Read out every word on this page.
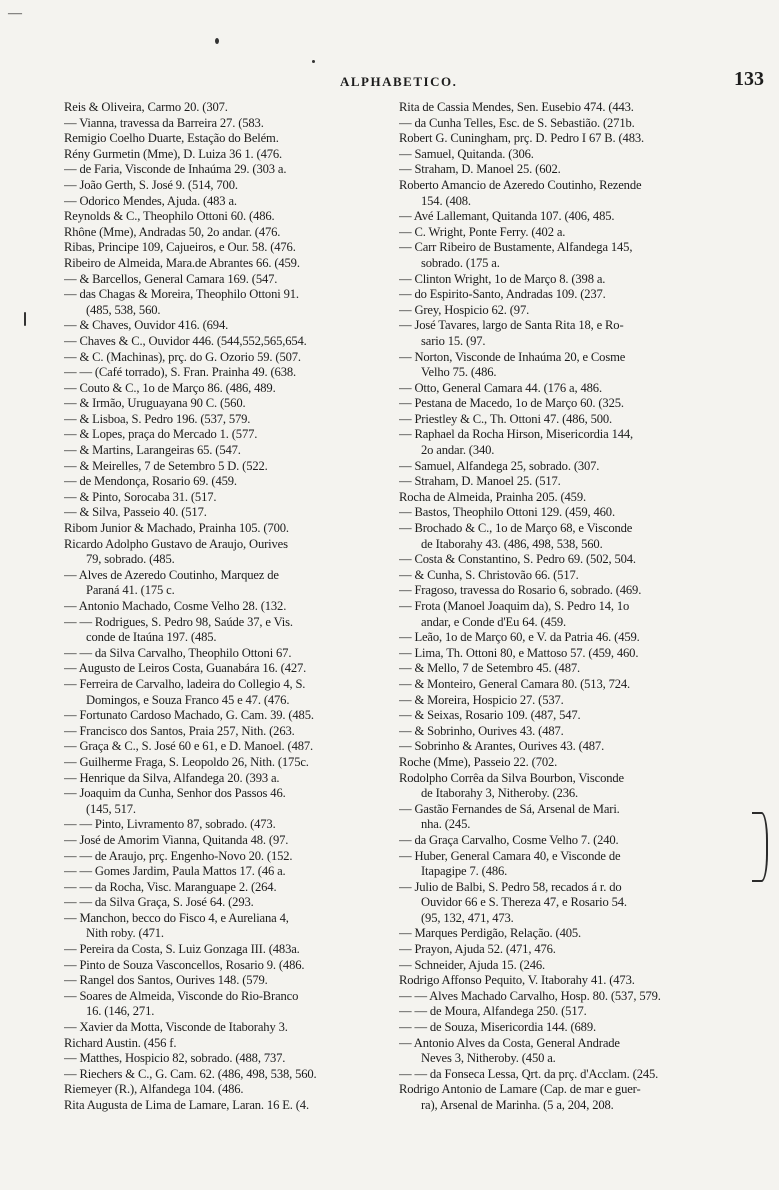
—
ALPHABETICO.	133
Reis & Oliveira, Carmo 20. (307.
— Vianna, travessa da Barreira 27. (583.
Remigio Coelho Duarte, Estação do Belém.
Rény Gurmetin (Mme), D. Luiza 36 1. (476.
— de Faria, Visconde de Inhaúma 29. (303 a.
— João Gerth, S. José 9. (514, 700.
— Odorico Mendes, Ajuda. (483 a.
Reynolds & C., Theophilo Ottoni 60. (486.
Rhône (Mme), Andradas 50, 2o andar. (476.
Ribas, Principe 109, Cajueiros, e Our. 58. (476.
Ribeiro de Almeida, Mara.de Abrantes 66. (459.
— & Barcellos, General Camara 169. (547.
— das Chagas & Moreira, Theophilo Ottoni 91.
(485, 538, 560.
— & Chaves, Ouvidor 416. (694.
— Chaves & C., Ouvidor 446. (544,552,565,654.
— & C. (Machinas), prç. do G. Ozorio 59. (507.
— — (Café torrado), S. Fran. Prainha 49. (638.
— Couto & C., 1o de Março 86. (486, 489.
— & Irmão, Uruguayana 90 C. (560.
— & Lisboa, S. Pedro 196. (537, 579.
— & Lopes, praça do Mercado 1. (577.
— & Martins, Larangeiras 65. (547.
— & Meirelles, 7 de Setembro 5 D. (522.
— de Mendonça, Rosario 69. (459.
— & Pinto, Sorocaba 31. (517.
— & Silva, Passeio 40. (517.
Ribom Junior & Machado, Prainha 105. (700.
Ricardo Adolpho Gustavo de Araujo, Ourives
79, sobrado. (485.
— Alves de Azeredo Coutinho, Marquez de
Paraná 41. (175 c.
— Antonio Machado, Cosme Velho 28. (132.
— — Rodrigues, S. Pedro 98, Saúde 37, e Vis.
conde de Itaúna 197. (485.
— — da Silva Carvalho, Theophilo Ottoni 67.
— Augusto de Leiros Costa, Guanabára 16. (427.
— Ferreira de Carvalho, ladeira do Collegio 4, S.
Domingos, e Souza Franco 45 e 47. (476.
— Fortunato Cardoso Machado, G. Cam. 39. (485.
— Francisco dos Santos, Praia 257, Nith. (263.
— Graça & C., S. José 60 e 61, e D. Manoel. (487.
— Guilherme Fraga, S. Leopoldo 26, Nith. (175c.
— Henrique da Silva, Alfandega 20. (393 a.
— Joaquim da Cunha, Senhor dos Passos 46.
(145, 517.
— — Pinto, Livramento 87, sobrado. (473.
— José de Amorim Vianna, Quitanda 48. (97.
— — de Araujo, prç. Engenho-Novo 20. (152.
— — Gomes Jardim, Paula Mattos 17. (46 a.
— — da Rocha, Visc. Maranguape 2. (264.
— — da Silva Graça, S. José 64. (293.
— Manchon, becco do Fisco 4, e Aureliana 4,
Nith roby. (471.
— Pereira da Costa, S. Luiz Gonzaga III. (483a.
— Pinto de Souza Vasconcellos, Rosario 9. (486.
— Rangel dos Santos, Ourives 148. (579.
— Soares de Almeida, Visconde do Rio-Branco
16. (146, 271.
— Xavier da Motta, Visconde de Itaborahy 3.
Richard Austin. (456 f.
— Matthes, Hospicio 82, sobrado. (488, 737.
— Riechers & C., G. Cam. 62. (486, 498, 538, 560.
Riemeyer (R.), Alfandega 104. (486.
Rita Augusta de Lima de Lamare, Laran. 16 E. (4.
Rita de Cassia Mendes, Sen. Eusebio 474. (443.
— da Cunha Telles, Esc. de S. Sebastião. (271b.
Robert G. Cuningham, prç. D. Pedro I 67 B. (483.
— Samuel, Quitanda. (306.
— Straham, D. Manoel 25. (602.
Roberto Amancio de Azeredo Coutinho, Rezende
154. (408.
— Avé Lallemant, Quitanda 107. (406, 485.
— C. Wright, Ponte Ferry. (402 a.
— Carr Ribeiro de Bustamente, Alfandega 145,
sobrado. (175 a.
— Clinton Wright, 1o de Março 8. (398 a.
— do Espirito-Santo, Andradas 109. (237.
— Grey, Hospicio 62. (97.
— José Tavares, largo de Santa Rita 18, e Ro-
sario 15. (97.
— Norton, Visconde de Inhaúma 20, e Cosme
Velho 75. (486.
— Otto, General Camara 44. (176 a, 486.
— Pestana de Macedo, 1o de Março 60. (325.
— Priestley & C., Th. Ottoni 47. (486, 500.
— Raphael da Rocha Hirson, Misericordia 144,
2o andar. (340.
— Samuel, Alfandega 25, sobrado. (307.
— Straham, D. Manoel 25. (517.
Rocha de Almeida, Prainha 205. (459.
— Bastos, Theophilo Ottoni 129. (459, 460.
— Brochado & C., 1o de Março 68, e Visconde
de Itaborahy 43. (486, 498, 538, 560.
— Costa & Constantino, S. Pedro 69. (502, 504.
— & Cunha, S. Christovão 66. (517.
— Fragoso, travessa do Rosario 6, sobrado. (469.
— Frota (Manoel Joaquim da), S. Pedro 14, 1o
andar, e Conde d'Eu 64. (459.
— Leão, 1o de Março 60, e V. da Patria 46. (459.
— Lima, Th. Ottoni 80, e Mattoso 57. (459, 460.
— & Mello, 7 de Setembro 45. (487.
— & Monteiro, General Camara 80. (513, 724.
— & Moreira, Hospicio 27. (537.
— & Seixas, Rosario 109. (487, 547.
— & Sobrinho, Ourives 43. (487.
— Sobrinho & Arantes, Ourives 43. (487.
Roche (Mme), Passeio 22. (702.
Rodolpho Corrêa da Silva Bourbon, Visconde
de Itaborahy 3, Nitheroby. (236.
— Gastão Fernandes de Sá, Arsenal de Mari.
nha. (245.
— da Graça Carvalho, Cosme Velho 7. (240.
— Huber, General Camara 40, e Visconde de
Itapagipe 7. (486.
— Julio de Balbi, S. Pedro 58, recados á r. do
Ouvidor 66 e S. Thereza 47, e Rosario 54.
(95, 132, 471, 473.
— Marques Perdigão, Relação. (405.
— Prayon, Ajuda 52. (471, 476.
— Schneider, Ajuda 15. (246.
Rodrigo Affonso Pequito, V. Itaborahy 41. (473.
— — Alves Machado Carvalho, Hosp. 80. (537, 579.
— — de Moura, Alfandega 250. (517.
— — de Souza, Misericordia 144. (689.
— Antonio Alves da Costa, General Andrade
Neves 3, Nitheroby. (450 a.
— — da Fonseca Lessa, Qrt. da prç. d'Acclam. (245.
Rodrigo Antonio de Lamare (Cap. de mar e guer-
ra), Arsenal de Marinha. (5 a, 204, 208.
